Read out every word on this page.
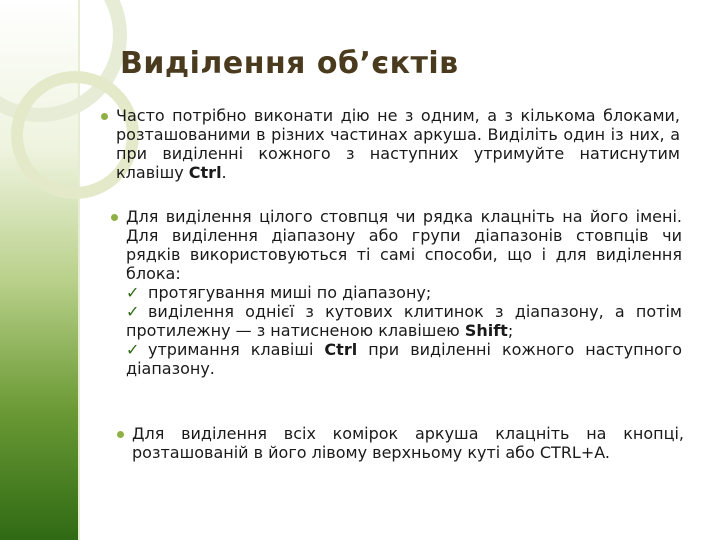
Виділення об’єктів
Часто потрібно виконати дію не з одним, а з кількома блоками, розташованими в різних частинах аркуша. Виділіть один із них, а при виділенні кожного з наступних утримуйте натиснутим клавішу Ctrl.
Для виділення цілого стовпця чи рядка клацніть на його імені. Для виділення діапазону або групи діапазонів стовпців чи рядків використовуються ті самі способи, що і для виділення блока:
✓ протягування миші по діапазону;
✓ виділення однієї з кутових клитинок з діапазону, а потім протилежну — з натисненою клавішею Shift;
✓ утримання клавіші Ctrl при виділенні кожного наступного діапазону.
Для виділення всіх комірок аркуша клацніть на кнопці, розташованій в його лівому верхньому куті або CTRL+A.
